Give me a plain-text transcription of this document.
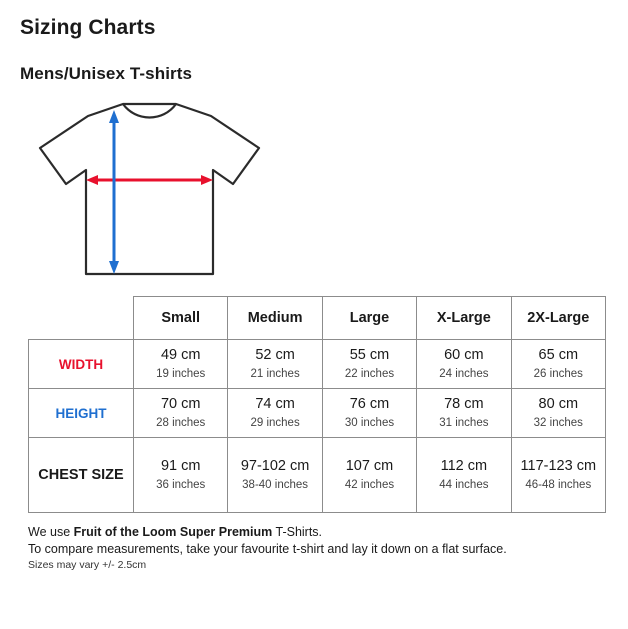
Sizing Charts
Mens/Unisex T-shirts
	Small	Medium	Large	X-Large	2X-Large
WIDTH	
49 cm
19 inches

52 cm
21 inches

55 cm
22 inches

60 cm
24 inches

65 cm
26 inches

HEIGHT	
70 cm
28 inches

74 cm
29 inches

76 cm
30 inches

78 cm
31 inches

80 cm
32 inches

CHEST SIZE	
91 cm
36 inches

97-102 cm
38-40 inches

107 cm
42 inches

112 cm
44 inches

117-123 cm
46-48 inches
We use Fruit of the Loom Super Premium T-Shirts.
To compare measurements, take your favourite t-shirt and lay it down on a flat surface.
Sizes may vary +/- 2.5cm
